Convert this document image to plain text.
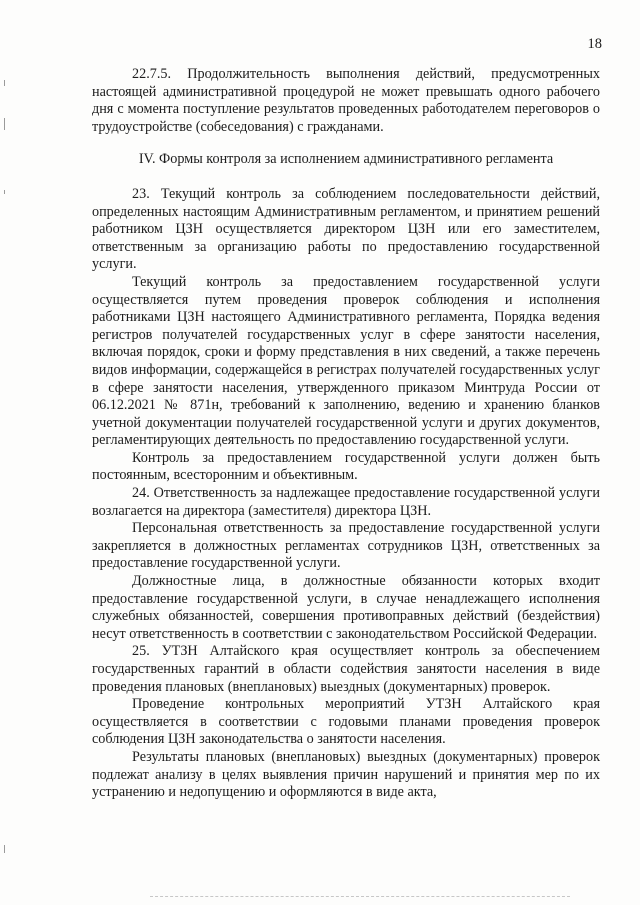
18

22.7.5. Продолжительность выполнения действий, предусмотренных настоящей административной процедурой не может превышать одного рабочего дня с момента поступление результатов проведенных работодателем переговоров о трудоустройстве (собеседования) с гражданами.

IV. Формы контроля за исполнением административного регламента

23. Текущий контроль за соблюдением последовательности действий, определенных настоящим Административным регламентом, и принятием решений работником ЦЗН осуществляется директором ЦЗН или его заместителем, ответственным за организацию работы по предоставлению государственной услуги.

Текущий контроль за предоставлением государственной услуги осуществляется путем проведения проверок соблюдения и исполнения работниками ЦЗН настоящего Административного регламента, Порядка ведения регистров получателей государственных услуг в сфере занятости населения, включая порядок, сроки и форму представления в них сведений, а также перечень видов информации, содержащейся в регистрах получателей государственных услуг в сфере занятости населения, утвержденного приказом Минтруда России от 06.12.2021 № 871н, требований к заполнению, ведению и хранению бланков учетной документации получателей государственной услуги и других документов, регламентирующих деятельность по предоставлению государственной услуги.

Контроль за предоставлением государственной услуги должен быть постоянным, всесторонним и объективным.

24. Ответственность за надлежащее предоставление государственной услуги возлагается на директора (заместителя) директора ЦЗН.

Персональная ответственность за предоставление государственной услуги закрепляется в должностных регламентах сотрудников ЦЗН, ответственных за предоставление государственной услуги.

Должностные лица, в должностные обязанности которых входит предоставление государственной услуги, в случае ненадлежащего исполнения служебных обязанностей, совершения противоправных действий (бездействия) несут ответственность в соответствии с законодательством Российской Федерации.

25. УТЗН Алтайского края осуществляет контроль за обеспечением государственных гарантий в области содействия занятости населения в виде проведения плановых (внеплановых) выездных (документарных) проверок.

Проведение контрольных мероприятий УТЗН Алтайского края осуществляется в соответствии с годовыми планами проведения проверок соблюдения ЦЗН законодательства о занятости населения.

Результаты плановых (внеплановых) выездных (документарных) проверок подлежат анализу в целях выявления причин нарушений и принятия мер по их устранению и недопущению и оформляются в виде акта,
